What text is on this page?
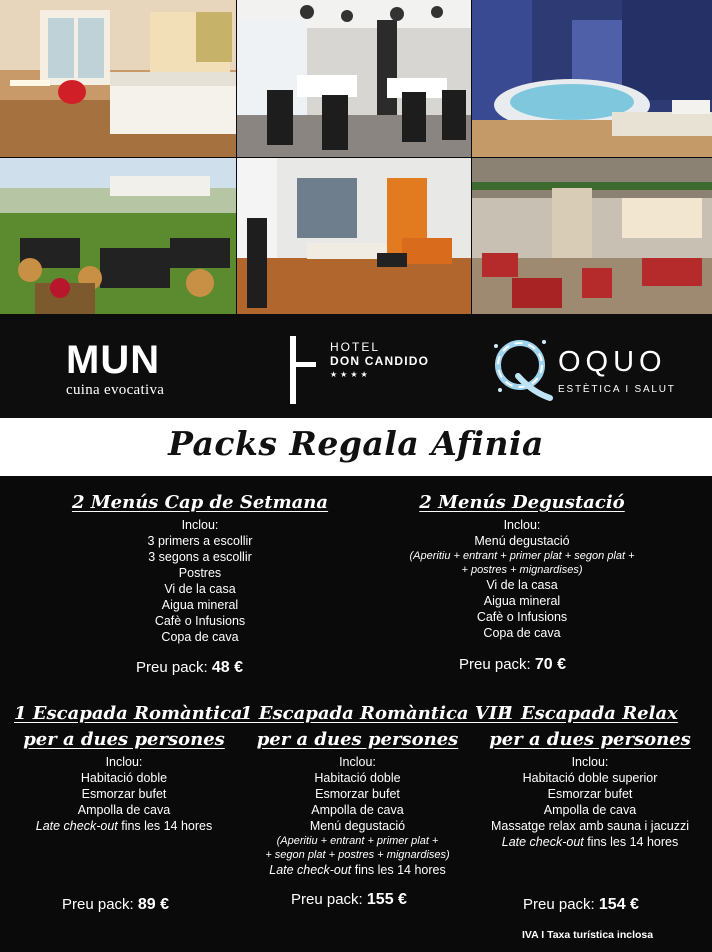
MUN
cuina evocativa
HOTEL
DON CANDIDO
★★★★	OQUO
ESTÈTICA I SALUT
Packs Regala Afinia
2 Menús Cap de Setmana
Inclou:
3 primers a escollir
3 segons a escollir
Postres
Vi de la casa
Aigua mineral
Cafè o Infusions
Copa de cava
Preu pack: 48 €
2 Menús Degustació
Inclou:
Menú degustació
(Aperitiu + entrant + primer plat + segon plat +
+ postres + mignardises)
Vi de la casa
Aigua mineral
Cafè o Infusions
Copa de cava
Preu pack: 70 €
1 Escapada Romàntica
per a dues persones
Inclou:
Habitació doble
Esmorzar bufet
Ampolla de cava
Late check-out fins les 14 hores
Preu pack: 89 €
1 Escapada Romàntica VIP
per a dues persones
Inclou:
Habitació doble
Esmorzar bufet
Ampolla de cava
Menú degustació
(Aperitiu + entrant + primer plat +
+ segon plat + postres + mignardises)
Late check-out fins les 14 hores
Preu pack: 155 €
1 Escapada Relax
per a dues persones
Inclou:
Habitació doble superior
Esmorzar bufet
Ampolla de cava
Massatge relax amb sauna i jacuzzi
Late check-out fins les 14 hores
Preu pack: 154 €
IVA I Taxa turística inclosa
